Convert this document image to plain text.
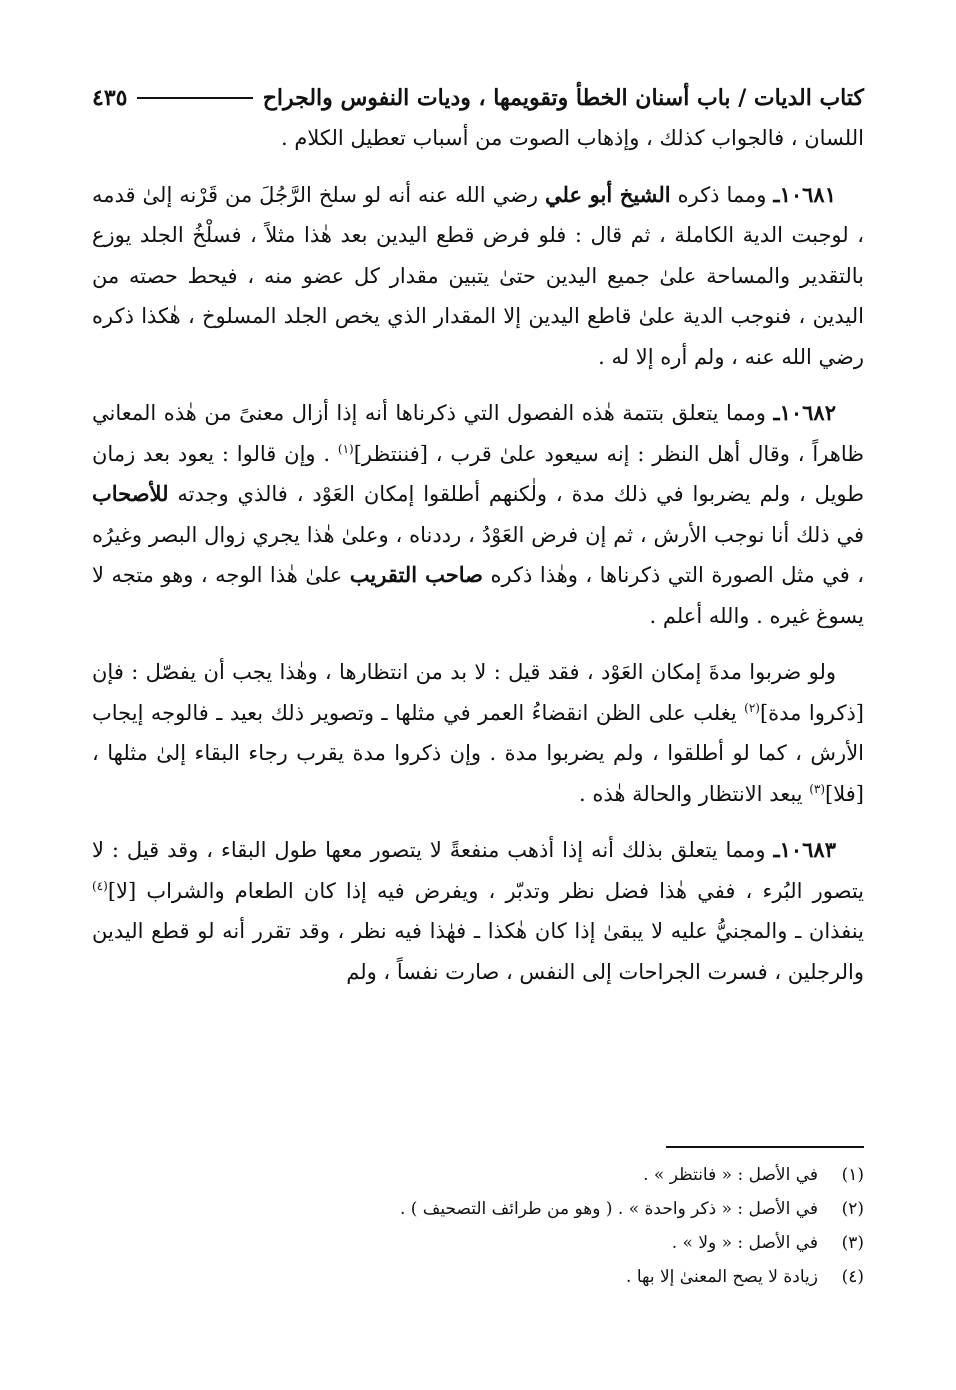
كتاب الديات / باب أسنان الخطأ وتقويمها ، وديات النفوس والجراح
٤٣٥

اللسان ، فالجواب كذلك ، وإذهاب الصوت من أسباب تعطيل الكلام .

١٠٦٨١ـ ومما ذكره الشيخ أبو علي رضي الله عنه أنه لو سلخ الرَّجُلَ من قَرْنه إلىٰ قدمه ، لوجبت الدية الكاملة ، ثم قال : فلو فرض قطع اليدين بعد هٰذا مثلاً ، فسلْخُ الجلد يوزع بالتقدير والمساحة علىٰ جميع اليدين حتىٰ يتبين مقدار كل عضو منه ، فيحط حصته من اليدين ، فنوجب الدية علىٰ قاطع اليدين إلا المقدار الذي يخص الجلد المسلوخ ، هٰكذا ذكره رضي الله عنه ، ولم أره إلا له .

١٠٦٨٢ـ ومما يتعلق بتتمة هٰذه الفصول التي ذكرناها أنه إذا أزال معنىً من هٰذه المعاني ظاهراً ، وقال أهل النظر : إنه سيعود علىٰ قرب ، [فننتظر]$^{(١)}$ . وإن قالوا : يعود بعد زمان طويل ، ولم يضربوا في ذلك مدة ، ولٰكنهم أطلقوا إمكان العَوْد ، فالذي وجدته للأصحاب في ذلك أنا نوجب الأرش ، ثم إن فرض العَوْدُ ، رددناه ، وعلىٰ هٰذا يجري زوال البصر وغيرُه ، في مثل الصورة التي ذكرناها ، وهٰذا ذكره صاحب التقريب علىٰ هٰذا الوجه ، وهو متجه لا يسوغ غيره . والله أعلم .

ولو ضربوا مدةَ إمكان العَوْد ، فقد قيل : لا بد من انتظارها ، وهٰذا يجب أن يفصّل : فإن [ذكروا مدة]$^{(٢)}$ يغلب على الظن انقضاءُ العمر في مثلها ـ وتصوير ذلك بعيد ـ فالوجه إيجاب الأرش ، كما لو أطلقوا ، ولم يضربوا مدة . وإن ذكروا مدة يقرب رجاء البقاء إلىٰ مثلها ، [فلا]$^{(٣)}$ يبعد الانتظار والحالة هٰذه .

١٠٦٨٣ـ ومما يتعلق بذلك أنه إذا أذهب منفعةً لا يتصور معها طول البقاء ، وقد قيل : لا يتصور البُرء ، ففي هٰذا فضل نظر وتدبّر ، ويفرض فيه إذا كان الطعام والشراب [لا]$^{(٤)}$ ينفذان ـ والمجنيُّ عليه لا يبقىٰ إذا كان هٰكذا ـ فهٰذا فيه نظر ، وقد تقرر أنه لو قطع اليدين والرجلين ، فسرت الجراحات إلى النفس ، صارت نفساً ، ولم

(١)
في الأصل : « فانتظر » .
(٢)
في الأصل : « ذكر واحدة » . ( وهو من طرائف التصحيف ) .
(٣)
في الأصل : « ولا » .
(٤)
زيادة لا يصح المعنىٰ إلا بها .
